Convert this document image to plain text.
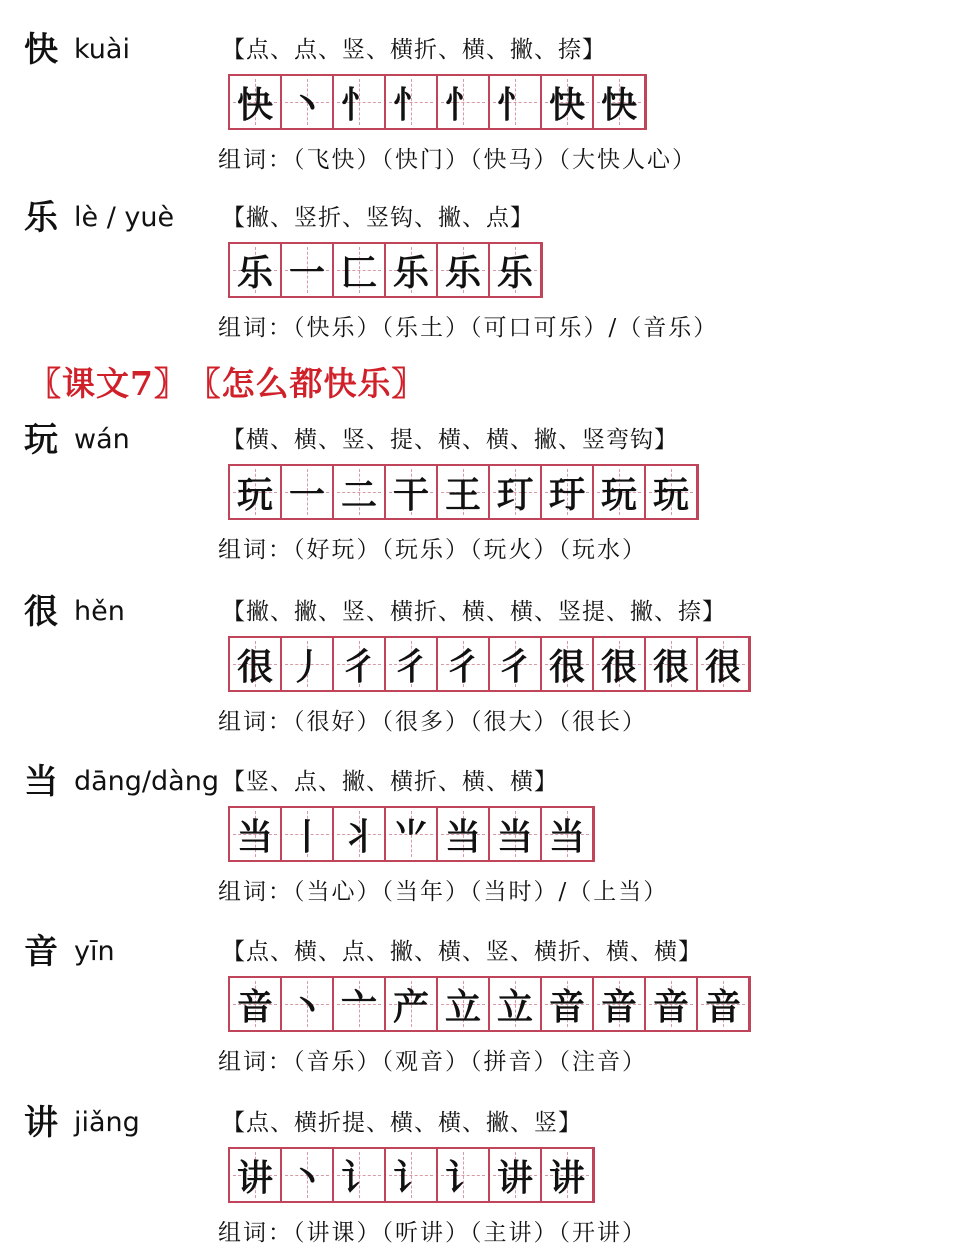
快 kuài	【点、点、竖、横折、横、撇、捺】
快 丶 忄 忄 忄 忄 快 快
组词：（飞快）（快门）（快马）（大快人心）
乐 lè / yuè 【撇、竖折、竖钩、撇、点】
乐 一 匚 乐 乐 乐
组词：（快乐）（乐土）（可口可乐）/（音乐）
〖课文7〗 〖怎么都快乐〗
玩 wán	【横、横、竖、提、横、横、撇、竖弯钩】
玩 一 二 干 王 玎 玗 玩 玩
组词：（好玩）（玩乐）（玩火）（玩水）
很 hěn	【撇、撇、竖、横折、横、横、竖提、撇、捺】
很 丿 彳 彳 彳 彳 很 很 很 很
组词：（很好）（很多）（很大）（很长）
当 dāng/dàng 【竖、点、撇、横折、横、横】
当 丨 丬 ⺌ 当 当 当
组词：（当心）（当年）（当时）/（上当）
音 yīn	【点、横、点、撇、横、竖、横折、横、横】
音 丶 亠 产 立 立 音 音 音 音
组词：（音乐）（观音）（拼音）（注音）
讲 jiǎng	【点、横折提、横、横、撇、竖】
讲 丶 讠 讠 讠 讲 讲
组词：（讲课）（听讲）（主讲）（开讲）
